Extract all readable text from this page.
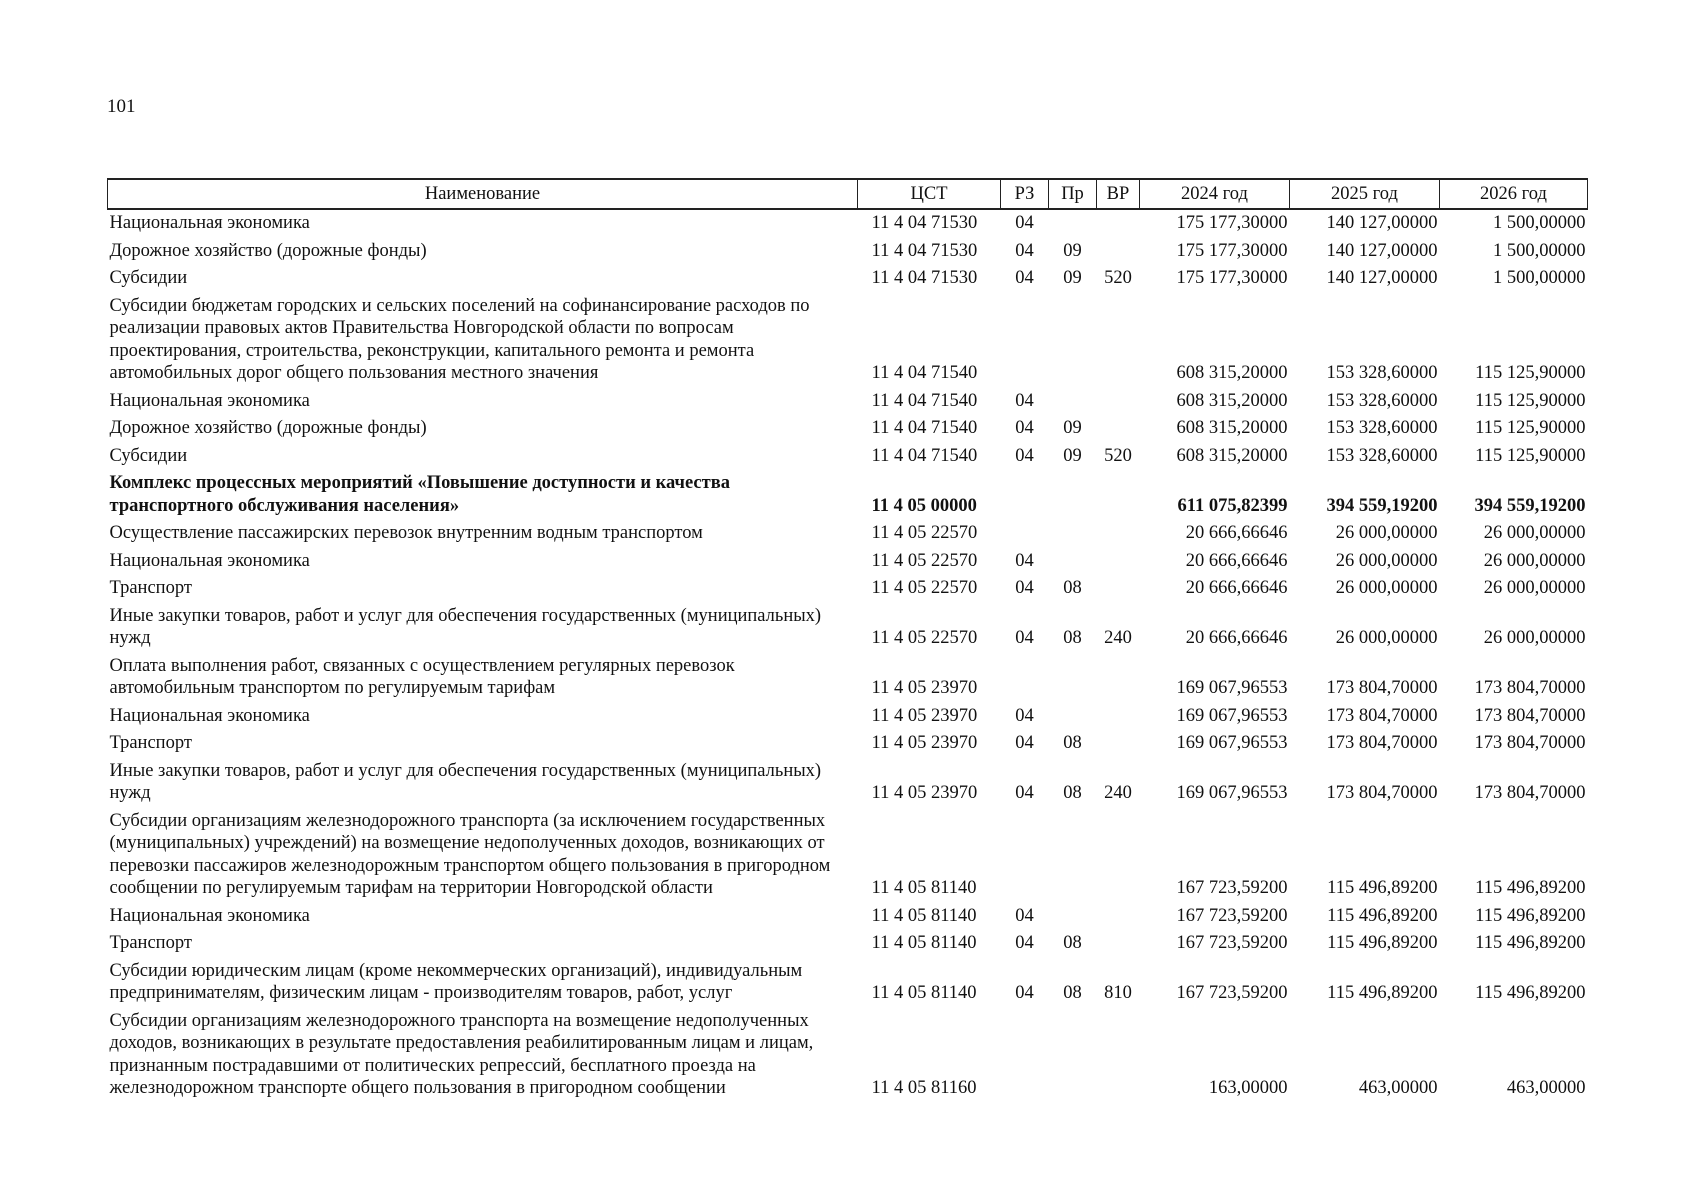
101
Наименование	ЦСТ	РЗ	Пр	ВР	2024 год	2025 год	2026 год
Национальная экономика	11 4 04 71530	04			175 177,30000	140 127,00000	1 500,00000
Дорожное хозяйство (дорожные фонды)	11 4 04 71530	04	09		175 177,30000	140 127,00000	1 500,00000
Субсидии	11 4 04 71530	04	09	520	175 177,30000	140 127,00000	1 500,00000
Субсидии бюджетам городских и сельских поселений на софинансирование расходов по реализации правовых актов Правительства Новгородской области по вопросам проектирования, строительства, реконструкции, капитального ремонта и ремонта автомобильных дорог общего пользования местного значения	11 4 04 71540				608 315,20000	153 328,60000	115 125,90000
Национальная экономика	11 4 04 71540	04			608 315,20000	153 328,60000	115 125,90000
Дорожное хозяйство (дорожные фонды)	11 4 04 71540	04	09		608 315,20000	153 328,60000	115 125,90000
Субсидии	11 4 04 71540	04	09	520	608 315,20000	153 328,60000	115 125,90000
Комплекс процессных мероприятий «Повышение доступности и качества транспортного обслуживания населения»	11 4 05 00000				611 075,82399	394 559,19200	394 559,19200
Осуществление пассажирских перевозок внутренним водным транспортом	11 4 05 22570				20 666,66646	26 000,00000	26 000,00000
Национальная экономика	11 4 05 22570	04			20 666,66646	26 000,00000	26 000,00000
Транспорт	11 4 05 22570	04	08		20 666,66646	26 000,00000	26 000,00000
Иные закупки товаров, работ и услуг для обеспечения государственных (муниципальных) нужд	11 4 05 22570	04	08	240	20 666,66646	26 000,00000	26 000,00000
Оплата выполнения работ, связанных с осуществлением регулярных перевозок автомобильным транспортом по регулируемым тарифам	11 4 05 23970				169 067,96553	173 804,70000	173 804,70000
Национальная экономика	11 4 05 23970	04			169 067,96553	173 804,70000	173 804,70000
Транспорт	11 4 05 23970	04	08		169 067,96553	173 804,70000	173 804,70000
Иные закупки товаров, работ и услуг для обеспечения государственных (муниципальных) нужд	11 4 05 23970	04	08	240	169 067,96553	173 804,70000	173 804,70000
Субсидии организациям железнодорожного транспорта (за исключением государственных (муниципальных) учреждений) на возмещение недополученных доходов, возникающих от перевозки пассажиров железнодорожным транспортом общего пользования в пригородном сообщении по регулируемым тарифам на территории Новгородской области	11 4 05 81140				167 723,59200	115 496,89200	115 496,89200
Национальная экономика	11 4 05 81140	04			167 723,59200	115 496,89200	115 496,89200
Транспорт	11 4 05 81140	04	08		167 723,59200	115 496,89200	115 496,89200
Субсидии юридическим лицам (кроме некоммерческих организаций), индивидуальным предпринимателям, физическим лицам - производителям товаров, работ, услуг	11 4 05 81140	04	08	810	167 723,59200	115 496,89200	115 496,89200
Субсидии организациям железнодорожного транспорта на возмещение недополученных доходов, возникающих в результате предоставления реабилитированным лицам и лицам, признанным пострадавшими от политических репрессий, бесплатного проезда на железнодорожном транспорте общего пользования в пригородном сообщении	11 4 05 81160				163,00000	463,00000	463,00000
